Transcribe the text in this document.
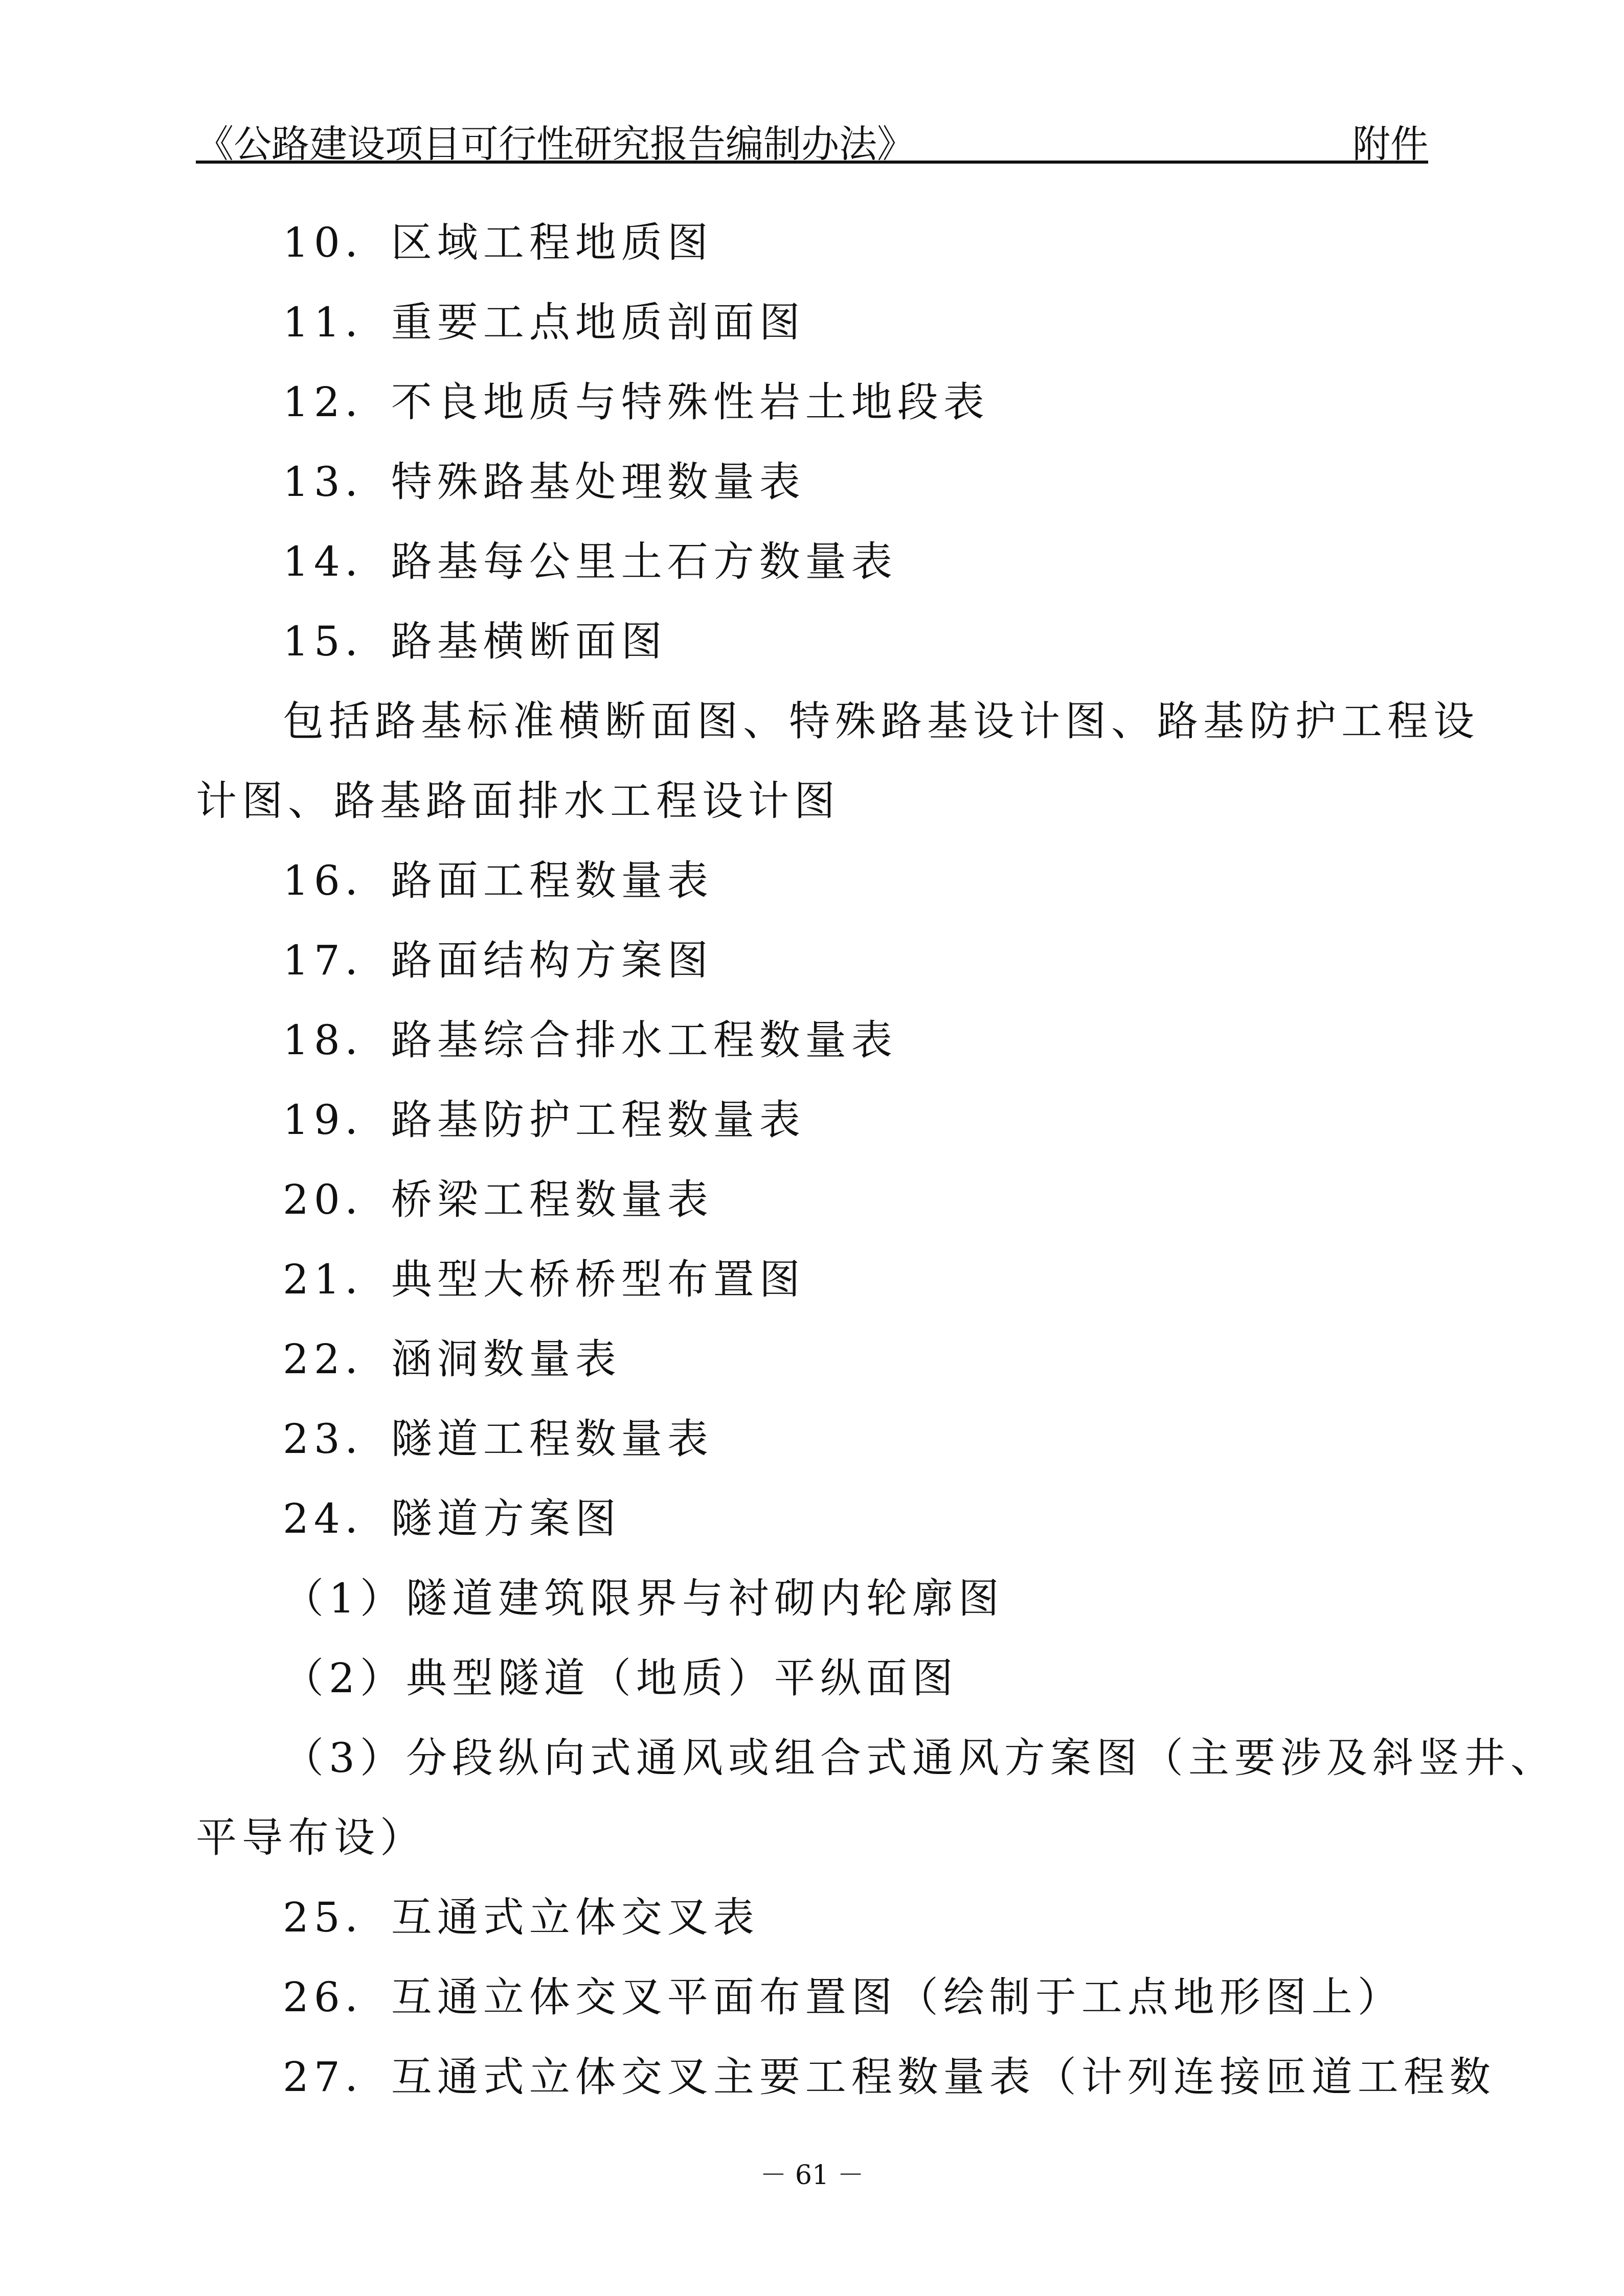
《公路建设项目可行性研究报告编制办法》	附件
10．区域工程地质图
11．重要工点地质剖面图
12．不良地质与特殊性岩土地段表
13．特殊路基处理数量表
14．路基每公里土石方数量表
15．路基横断面图
包括路基标准横断面图、特殊路基设计图、路基防护工程设
计图、路基路面排水工程设计图
16．路面工程数量表
17．路面结构方案图
18．路基综合排水工程数量表
19．路基防护工程数量表
20．桥梁工程数量表
21．典型大桥桥型布置图
22．涵洞数量表
23．隧道工程数量表
24．隧道方案图
（1）隧道建筑限界与衬砌内轮廓图
（2）典型隧道（地质）平纵面图
（3）分段纵向式通风或组合式通风方案图（主要涉及斜竖井、
平导布设）
25．互通式立体交叉表
26．互通立体交叉平面布置图（绘制于工点地形图上）
27．互通式立体交叉主要工程数量表（计列连接匝道工程数
－ 61 －
